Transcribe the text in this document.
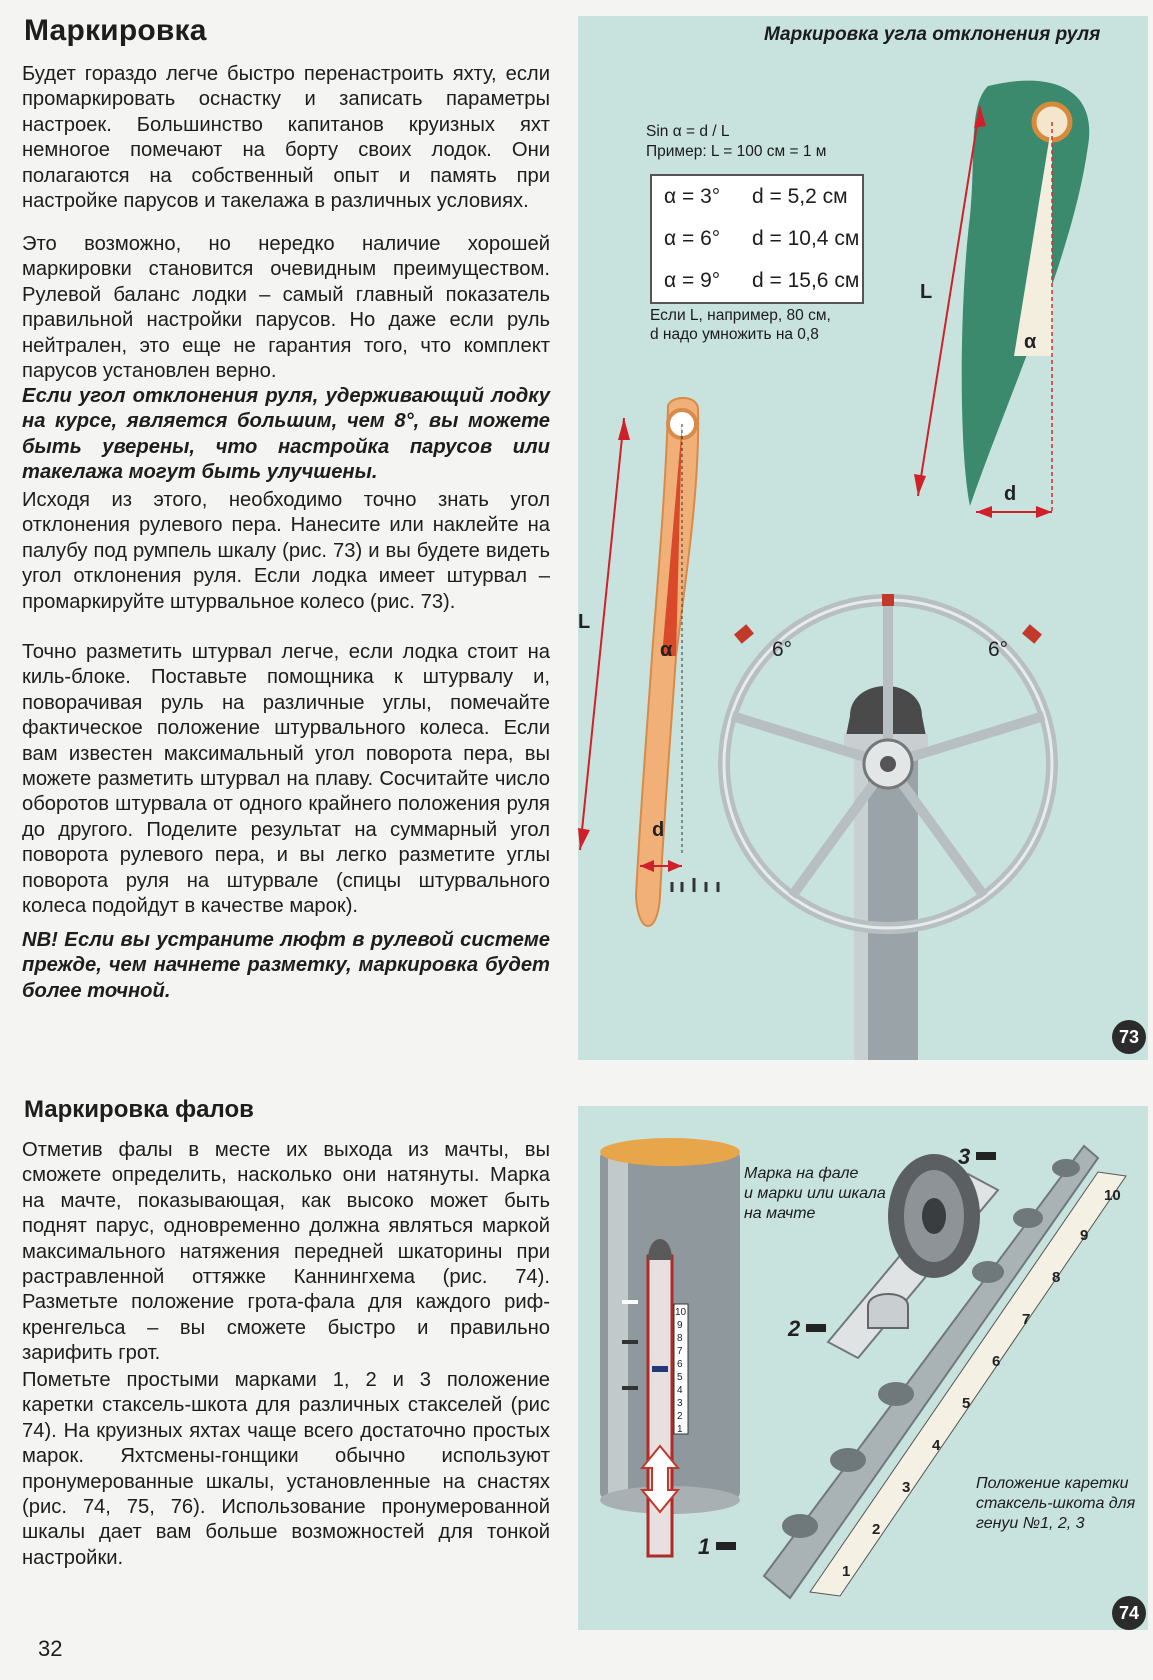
Маркировка

Будет гораздо легче быстро перенастроить яхту, если промаркировать оснастку и записать параметры настроек. Большинство капитанов круизных яхт немногое помечают на борту своих лодок. Они полагаются на собственный опыт и память при настройке парусов и такелажа в различных условиях.

Это возможно, но нередко наличие хорошей маркировки становится очевидным преимуществом. Рулевой баланс лодки – самый главный показатель правильной настройки парусов. Но даже если руль нейтрален, это еще не гарантия того, что комплект парусов установлен верно.

Если угол отклонения руля, удерживающий лодку на курсе, является большим, чем 8°, вы можете быть уверены, что настройка парусов или такелажа могут быть улучшены.

Исходя из этого, необходимо точно знать угол отклонения рулевого пера. Нанесите или наклейте на палубу под румпель шкалу (рис. 73) и вы будете видеть угол отклонения руля. Если лодка имеет штурвал – промаркируйте штурвальное колесо (рис. 73).

Точно разметить штурвал легче, если лодка стоит на киль-блоке. Поставьте помощника к штурвалу и, поворачивая руль на различные углы, помечайте фактическое положение штурвального колеса. Если вам известен максимальный угол поворота пера, вы можете разметить штурвал на плаву. Сосчитайте число оборотов штурвала от одного крайнего положения руля до другого. Поделите результат на суммарный угол поворота рулевого пера, и вы легко разметите углы поворота руля на штурвале (спицы штурвального колеса подойдут в качестве марок).

NB! Если вы устраните люфт в рулевой системе прежде, чем начнете разметку, маркировка будет более точной.

Маркировка фалов

Отметив фалы в месте их выхода из мачты, вы сможете определить, насколько они натянуты. Марка на мачте, показывающая, как высоко может быть поднят парус, одновременно должна являться маркой максимального натяжения передней шкаторины при растравленной оттяжке Каннингхема (рис. 74). Разметьте положение грота-фала для каждого риф-кренгельса – вы сможете быстро и правильно зарифить грот.

Пометьте простыми марками 1, 2 и 3 положение каретки стаксель-шкота для различных стакселей (рис 74). На круизных яхтах чаще всего достаточно простых марок. Яхтсмены-гонщики обычно используют пронумерованные шкалы, установленные на снастях (рис. 74, 75, 76). Использование пронумерованной шкалы дает вам больше возможностей для тонкой настройки.

32
Маркировка угла отклонения руля
Sin α = d / L
Пример: L = 100 см = 1 м
α = 3°	d = 5,2 см
α = 6°	d = 10,4 см
α = 9°	d = 15,6 см
Если L, например, 80 см,
d надо умножить на 0,8
L
d
α
L
d
α	6°	6°
73
Марка на фале
и марки или шкала
на мачте
Положение каретки
стаксель-шкота для
генуи №1, 2, 3
10
9
8
7
6
5
4
3
2
1
1
2
3
4
5
6
7
8
9
10
1
2
3
74
